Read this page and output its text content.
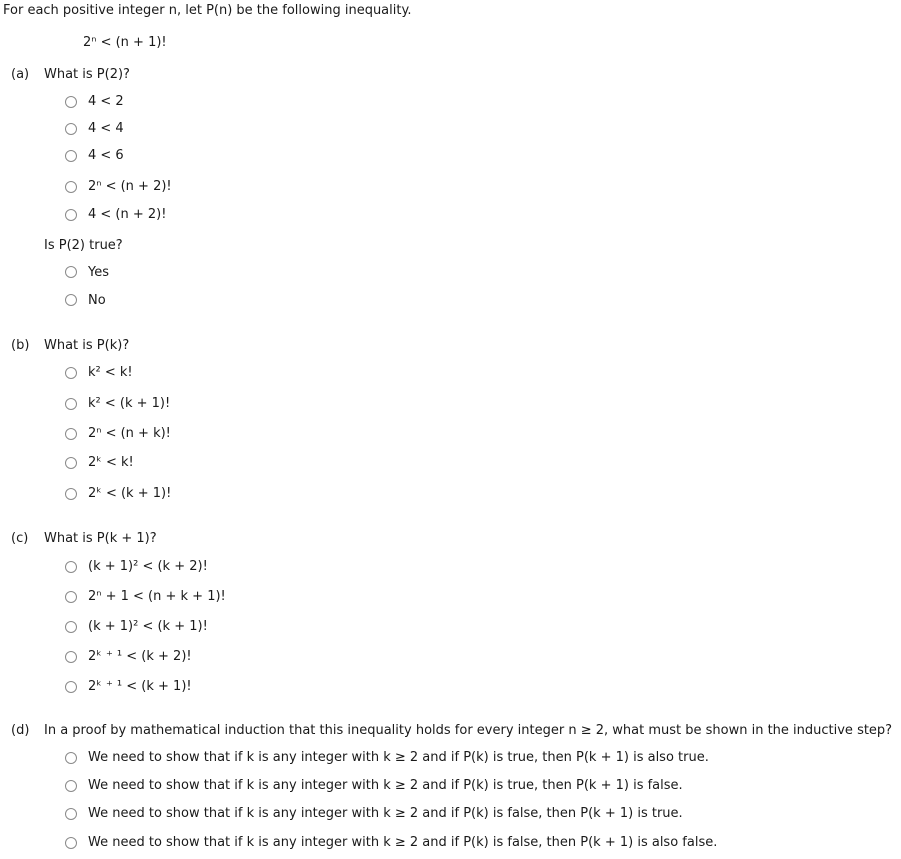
For each positive integer n, let P(n) be the following inequality.
2ⁿ < (n + 1)!
(a) What is P(2)?
4 < 2
4 < 4
4 < 6
2ⁿ < (n + 2)!
4 < (n + 2)!
Is P(2) true?
Yes
No
(b) What is P(k)?
k² < k!
k² < (k + 1)!
2ⁿ < (n + k)!
2ᵏ < k!
2ᵏ < (k + 1)!
(c) What is P(k + 1)?
(k + 1)² < (k + 2)!
2ⁿ + 1 < (n + k + 1)!
(k + 1)² < (k + 1)!
2ᵏ ⁺ ¹ < (k + 2)!
2ᵏ ⁺ ¹ < (k + 1)!
(d) In a proof by mathematical induction that this inequality holds for every integer n ≥ 2, what must be shown in the inductive step?
We need to show that if k is any integer with k ≥ 2 and if P(k) is true, then P(k + 1) is also true.
We need to show that if k is any integer with k ≥ 2 and if P(k) is true, then P(k + 1) is false.
We need to show that if k is any integer with k ≥ 2 and if P(k) is false, then P(k + 1) is true.
We need to show that if k is any integer with k ≥ 2 and if P(k) is false, then P(k + 1) is also false.
